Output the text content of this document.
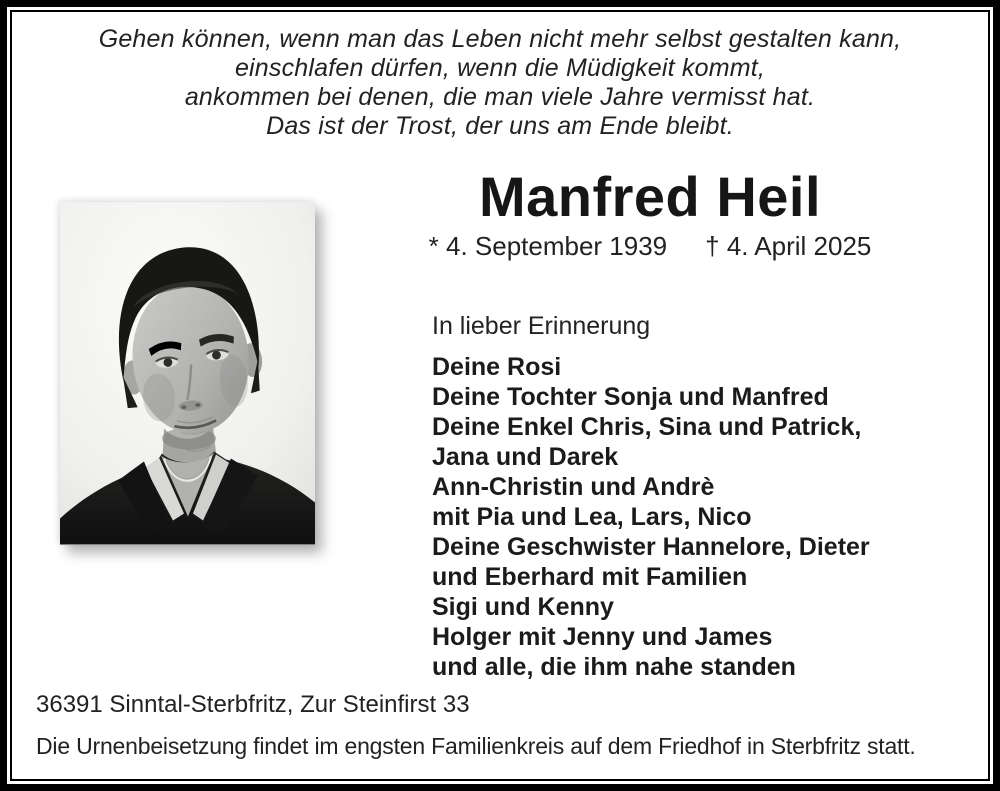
Gehen können, wenn man das Leben nicht mehr selbst gestalten kann,
einschlafen dürfen, wenn die Müdigkeit kommt,
ankommen bei denen, die man viele Jahre vermisst hat.
Das ist der Trost, der uns am Ende bleibt.
Manfred Heil
* 4. September 1939 † 4. April 2025
In lieber Erinnerung
Deine Rosi
Deine Tochter Sonja und Manfred
Deine Enkel Chris, Sina und Patrick,
Jana und Darek
Ann-Christin und Andrè
mit Pia und Lea, Lars, Nico
Deine Geschwister Hannelore, Dieter
und Eberhard mit Familien
Sigi und Kenny
Holger mit Jenny und James
und alle, die ihm nahe standen
36391 Sinntal-Sterbfritz, Zur Steinfirst 33
Die Urnenbeisetzung findet im engsten Familienkreis auf dem Friedhof in Sterbfritz statt.
